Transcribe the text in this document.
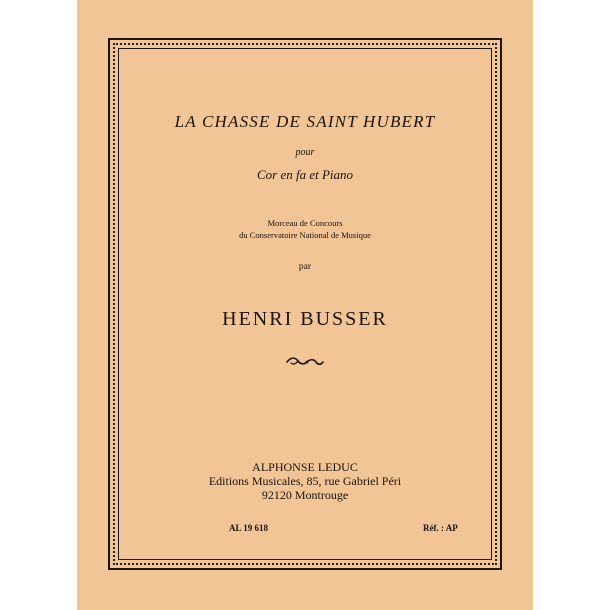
LA CHASSE DE SAINT HUBERT
pour
Cor en fa et Piano
Morceau de Concours
du Conservatoire National de Musique
par
HENRI BUSSER
ALPHONSE LEDUC
Editions Musicales, 85, rue Gabriel Péri
92120 Montrouge
AL 19 618	Réf. : AP
